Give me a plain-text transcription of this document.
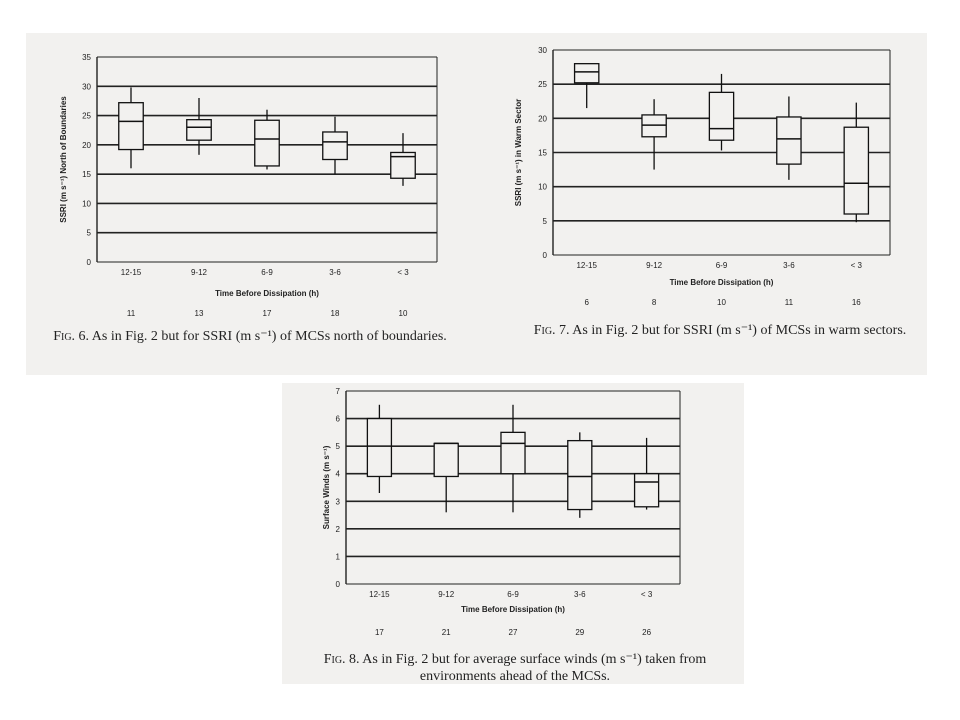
0
5
10
15
20
25
30
35
12-15
11
9-12
13
6-9
17
3-6
18
< 3
10
Time Before Dissipation (h)
SSRI (m s⁻¹) North of Boundaries
0
5
10
15
20
25
30
12-15
6
9-12
8
6-9
10
3-6
11
< 3
16
Time Before Dissipation (h)
SSRI (m s⁻¹) in Warm Sector
0
1
2
3
4
5
6
7
12-15
17
9-12
21
6-9
27
3-6
29
< 3
26
Time Before Dissipation (h)
Surface Winds (m s⁻¹)
Fig. 6. As in Fig. 2 but for SSRI (m s⁻¹) of MCSs north of boundaries.	Fig. 7. As in Fig. 2 but for SSRI (m s⁻¹) of MCSs in warm sectors.
Fig. 8. As in Fig. 2 but for average surface winds (m s⁻¹) taken from environments ahead of the MCSs.
